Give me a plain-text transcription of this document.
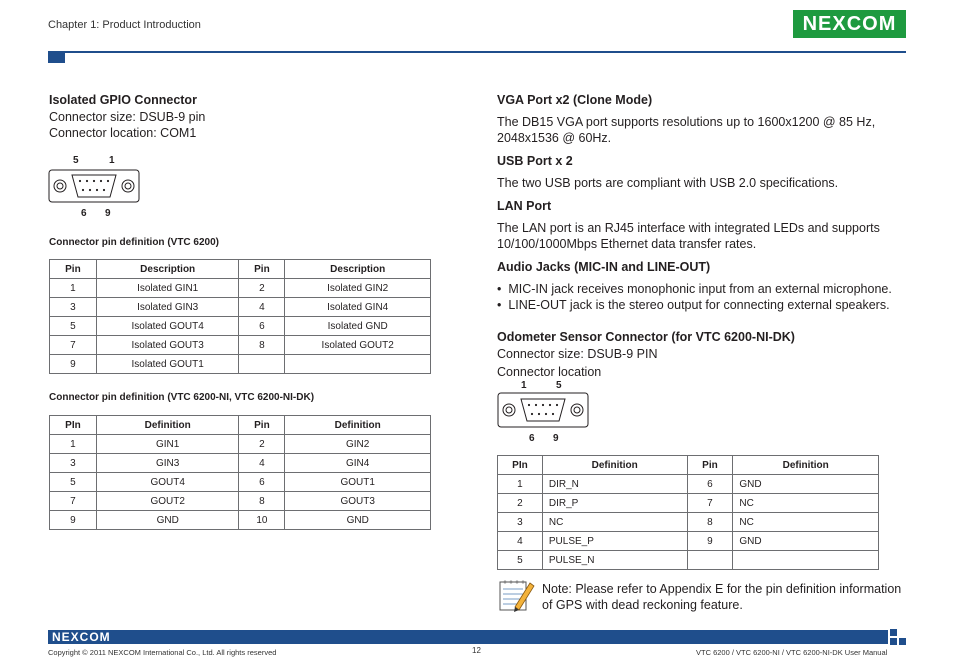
Chapter 1: Product Introduction	NEXCOM
Isolated GPIO Connector
Connector size: DSUB-9 pin
Connector location: COM1
5	1
6 9
Connector pin definition (VTC 6200)
Pin	Description	Pin	Description
1	Isolated GIN1	2	Isolated GIN2
3	Isolated GIN3	4	Isolated GIN4
5	Isolated GOUT4	6	Isolated GND
7	Isolated GOUT3	8	Isolated GOUT2
9	Isolated GOUT1		
Connector pin definition (VTC 6200-NI, VTC 6200-NI-DK)
PIn	Definition	Pin	Definition
1	GIN1	2	GIN2
3	GIN3	4	GIN4
5	GOUT4	6	GOUT1
7	GOUT2	8	GOUT3
9	GND	10	GND
VGA Port x2 (Clone Mode)
The DB15 VGA port supports resolutions up to 1600x1200 @ 85 Hz,
2048x1536 @ 60Hz.
USB Port x 2
The two USB ports are compliant with USB 2.0 specifications.
LAN Port
The LAN port is an RJ45 interface with integrated LEDs and supports
10/100/1000Mbps Ethernet data transfer rates.
Audio Jacks (MIC-IN and LINE-OUT)
•  MIC-IN jack receives monophonic input from an external microphone.
•  LINE-OUT jack is the stereo output for connecting external speakers.
Odometer Sensor Connector (for VTC 6200-NI-DK)
Connector size: DSUB-9 PIN
Connector location
1	5
6 9
PIn	Definition	Pin	Definition
1	DIR_N	6	GND
2	DIR_P	7	NC
3	NC	8	NC
4	PULSE_P	9	GND
5	PULSE_N		
Note: Please refer to Appendix E for the pin definition information
of GPS with dead reckoning feature.
NEXCOM
Copyright © 2011 NEXCOM International Co., Ltd. All rights reserved	12	VTC 6200 / VTC 6200-NI / VTC 6200-NI-DK User Manual
